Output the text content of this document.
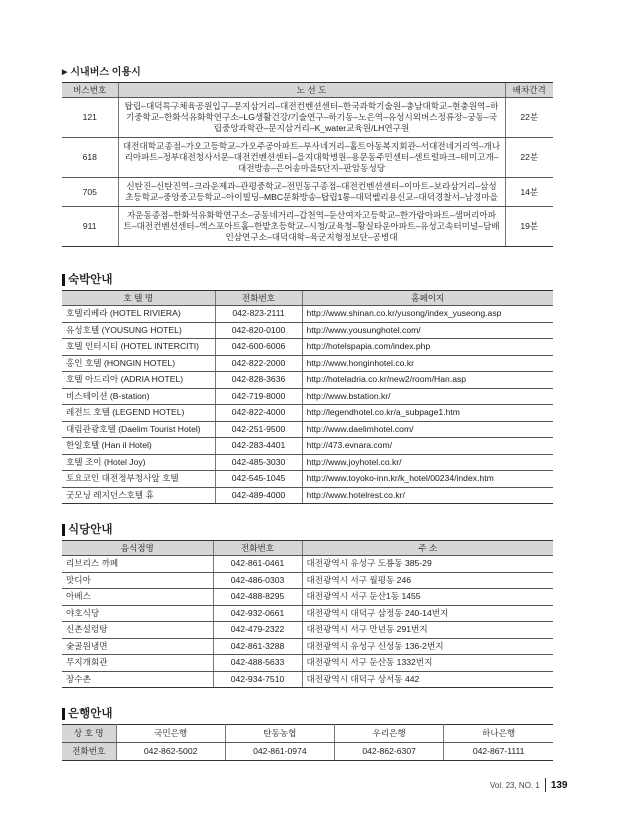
▶ 시내버스 이용시
버스번호	노 선 도	배차간격
121	탑립–대덕특구체육공원입구–문지삼거리–대전컨벤션센터–한국과학기술원–충남대학교–현충원역–하기중학교–한화석유화학연구소–LG생활건강/기술연구–하기동–노은역–유성시외버스정류장–궁동–국립중앙과학관–문지삼거리–K_water교육원/LH연구원	22분
618	대전대학교종점–가오고등학교–가오주공아파트–부사네거리–홀트아동복지회관–서대전네거리역–개나리아파트–정부대전청사서문–대전컨벤션센터–을지대학병원–용문동주민센터–센트럴파크–테미고개–대전방송–은어송마을5단지–판암동성당	22분
705	신탄진–신탄진역–크라운제과–관평중학교–전민동구종점–대전컨벤션센터–이마트–보라삼거리–삼성초등학교–중앙중고등학교–아이빌딩–MBC문화방송–탑립1통–대덕벨리용신교–대덕경찰서–남경마을	14분
911	자운동종점–한화석유화학연구소–궁동네거리–갑천역–둔산여자고등학교–한가람아파트–샘머리아파트–대전컨벤션센터–엑스포아트홀–한밭초등학교–시청/교육청–황실타운아파트–유성고속터미널–담배인삼연구소–대덕대학–육군지형정보단–공병대	19분
숙박안내
호 텔 명	전화번호	홈페이지
호텔리베라 (HOTEL RIVIERA)	042-823-2111	http://www.shinan.co.kr/yusong/index_yuseong.asp
유성호텔 (YOUSUNG HOTEL)	042-820-0100	http://www.yousunghotel.com/
호텔 인터시티 (HOTEL INTERCITI)	042-600-6006	http://hotelspapia.com/index.php
홍인 호텔 (HONGIN HOTEL)	042-822-2000	http://www.honginhotel.co.kr
호텔 아드리아 (ADRIA HOTEL)	042-828-3636	http://hoteladria.co.kr/new2/room/Han.asp
비스테이션 (B-station)	042-719-8000	http://www.bstation.kr/
레전드 호텔 (LEGEND HOTEL)	042-822-4000	http://legendhotel.co.kr/a_subpage1.htm
대림관광호텔 (Daelim Tourist Hotel)	042-251-9500	http://www.daelimhotel.com/
한일호텔 (Han il Hotel)	042-283-4401	http://473.evnara.com/
호텔 조이 (Hotel Joy)	042-485-3030	http://www.joyhotel.co.kr/
토요코인 대전정부청사앞 호텔	042-545-1045	http://www.toyoko-inn.kr/k_hotel/00234/index.htm
굿모닝 레지던스호텔 휴	042-489-4000	http://www.hotelrest.co.kr/
식당안내
음식점명	전화번호	주 소
리브리스 까페	042-861-0461	대전광역시 유성구 도룡동 385-29
맛디아	042-486-0303	대전광역시 서구 월평동 246
아베스	042-488-8295	대전광역시 서구 둔산1동 1455
야호식당	042-932-0661	대전광역시 대덕구 삼정동 240-14번지
신촌설렁탕	042-479-2322	대전광역시 서구 만년동 291번지
숯골원냉면	042-861-3288	대전광역시 유성구 신성동 136-2번지
무지개회관	042-488-5633	대전광역시 서구 둔산동 1332번지
장수촌	042-934-7510	대전광역시 대덕구 상서동 442
은행안내
상 호 명	국민은행	탄동농협	우리은행	하나은행
전화번호	042-862-5002	042-861-0974	042-862-6307	042-867-1111
Vol. 23, NO. 1 139
